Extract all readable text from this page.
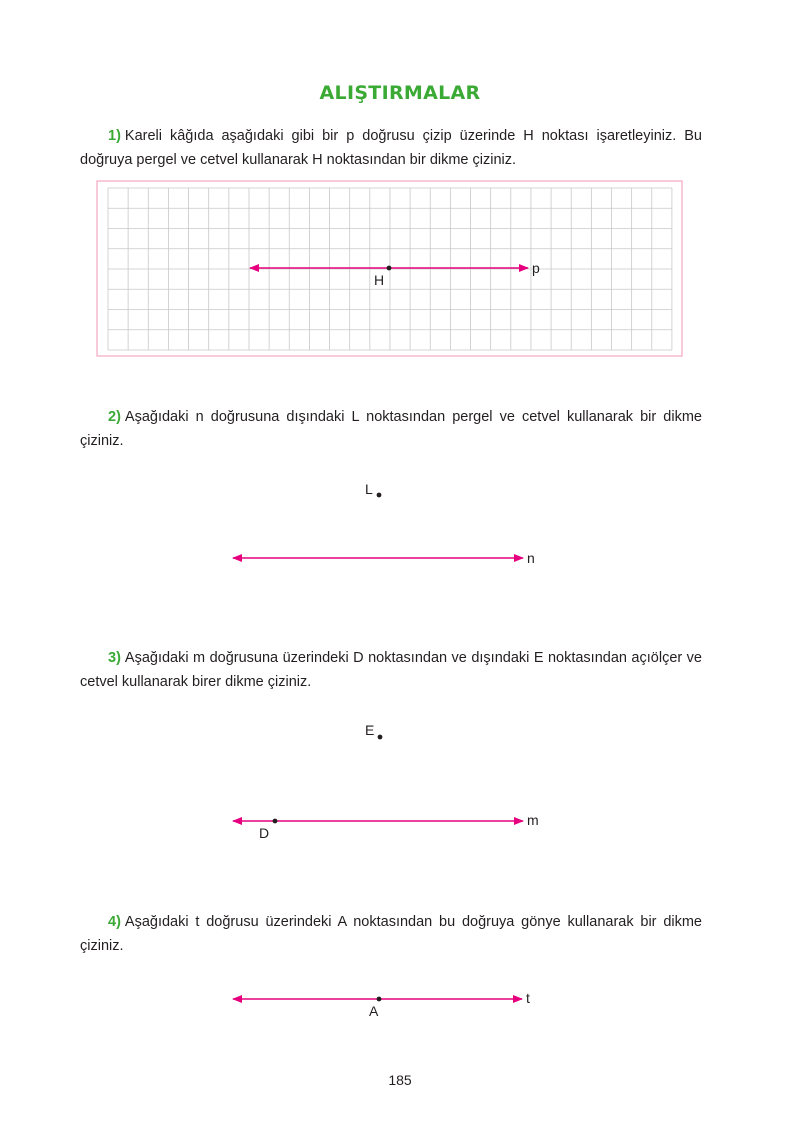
ALIŞTIRMALAR
1) Kareli kâğıda aşağıdaki gibi bir p doğrusu çizip üzerinde H noktası işaretleyiniz. Bu doğruya pergel ve cetvel kullanarak H noktasından bir dikme çiziniz.
2) Aşağıdaki n doğrusuna dışındaki L noktasından pergel ve cetvel kullanarak bir dikme çiziniz.
3) Aşağıdaki m doğrusuna üzerindeki D noktasından ve dışındaki E noktasından açıölçer ve cetvel kullanarak birer dikme çiziniz.
4) Aşağıdaki t doğrusu üzerindeki A noktasından bu doğruya gönye kullanarak bir dikme çiziniz.
H
p
L
n
E
D
m
A
t
185
